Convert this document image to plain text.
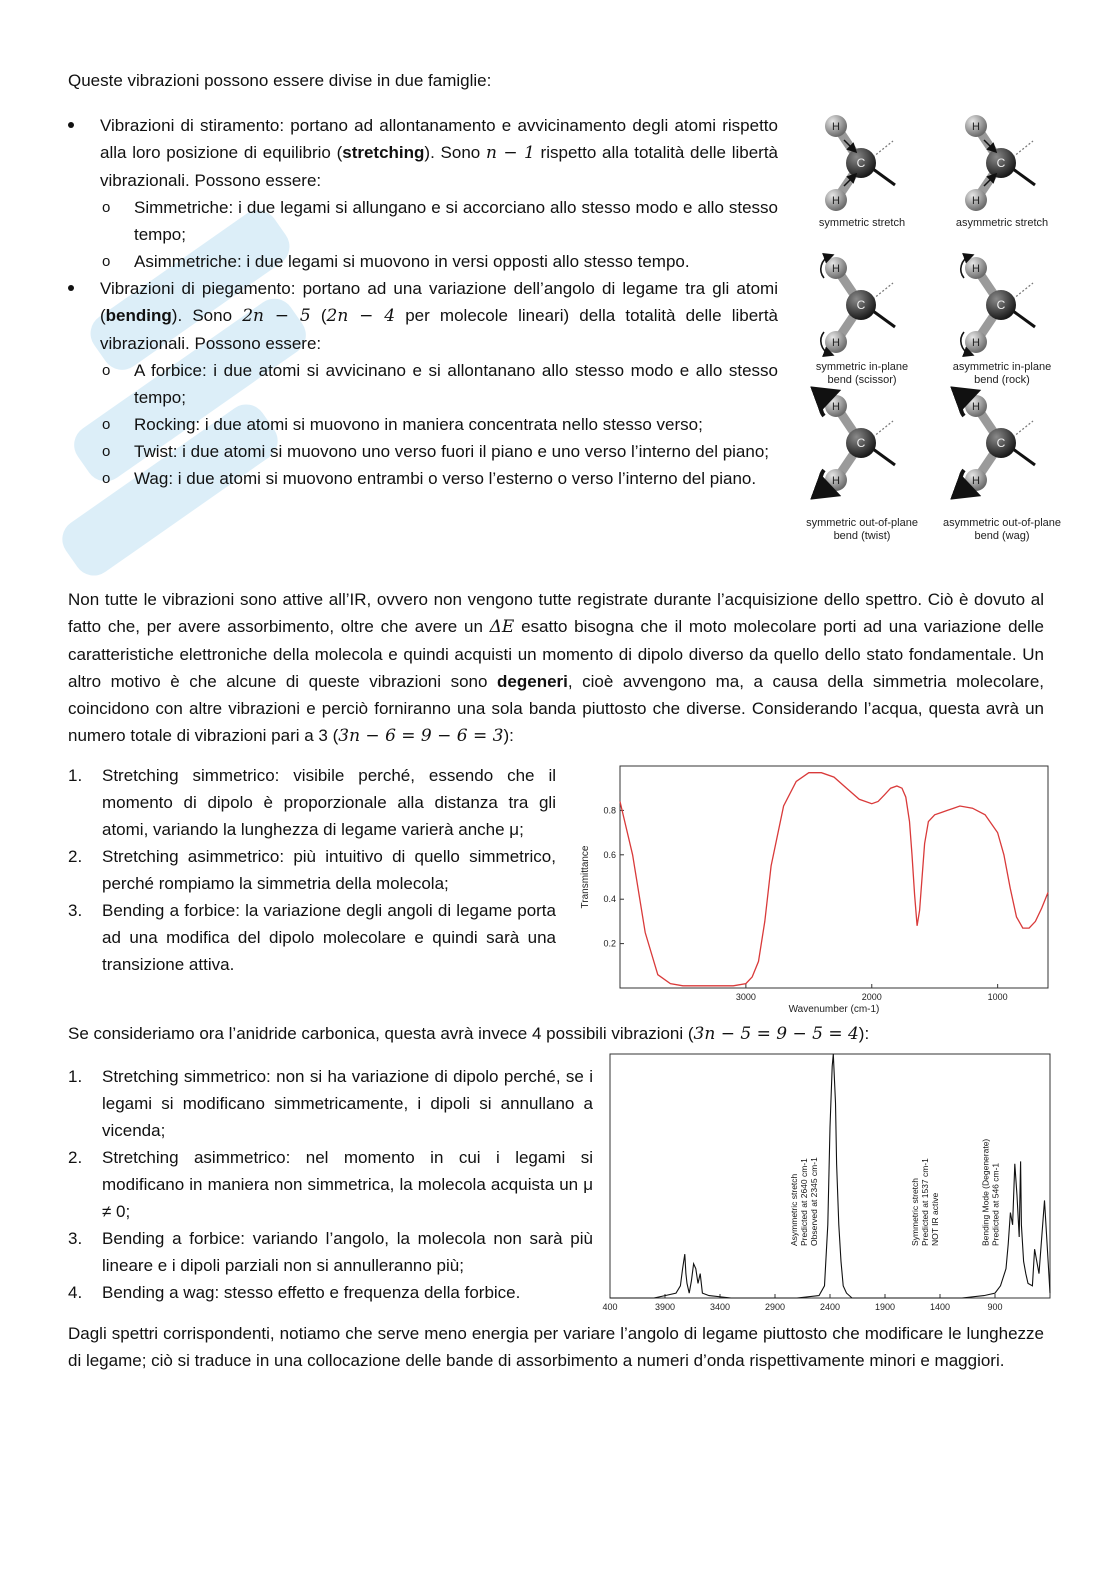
Queste vibrazioni possono essere divise in due famiglie:

Vibrazioni di stiramento: portano ad allontanamento e avvicinamento degli atomi rispetto alla loro posizione di equilibrio (stretching). Sono n − 1 rispetto alla totalità delle libertà vibrazionali. Possono essere:
o Simmetriche: i due legami si allungano e si accorciano allo stesso modo e allo stesso tempo;
o Asimmetriche: i due legami si muovono in versi opposti allo stesso tempo.
Vibrazioni di piegamento: portano ad una variazione dell’angolo di legame tra gli atomi (bending). Sono 2n − 5 (2n − 4 per molecole lineari) della totalità delle libertà vibrazionali. Possono essere:
o A forbice: i due atomi si avvicinano e si allontanano allo stesso modo e allo stesso tempo;
o Rocking: i due atomi si muovono in maniera concentrata nello stesso verso;
o Twist: i due atomi si muovono uno verso fuori il piano e uno verso l’interno del piano;
o Wag: i due atomi si muovono entrambi o verso l’esterno o verso l’interno del piano.
H
H
C
symmetric stretch
H
H
C
asymmetric stretch
H
H
C
symmetric in-plane
bend (scissor)
H
H
C
asymmetric in-plane
bend (rock)
H
H
C
symmetric out-of-plane
bend (twist)
H
H
C
asymmetric out-of-plane
bend (wag)

Non tutte le vibrazioni sono attive all’IR, ovvero non vengono tutte registrate durante l’acquisizione dello spettro. Ciò è dovuto al fatto che, per avere assorbimento, oltre che avere un ΔE esatto bisogna che il moto molecolare porti ad una variazione delle caratteristiche elettroniche della molecola e quindi acquisti un momento di dipolo diverso da quello dello stato fondamentale. Un altro motivo è che alcune di queste vibrazioni sono degeneri, cioè avvengono ma, a causa della simmetria molecolare, coincidono con altre vibrazioni e perciò forniranno una sola banda piuttosto che diverse. Considerando l’acqua, questa avrà un numero totale di vibrazioni pari a 3 (3n − 6 = 9 − 6 = 3):

1. Stretching simmetrico: visibile perché, essendo che il momento di dipolo è proporzionale alla distanza tra gli atomi, variando la lunghezza di legame varierà anche μ;
2. Stretching asimmetrico: più intuitivo di quello simmetrico, perché rompiamo la simmetria della molecola;
3. Bending a forbice: la variazione degli angoli di legame porta ad una modifica del dipolo molecolare e quindi sarà una transizione attiva.
3000	2000	1000
0.2
0.4
0.6
0.8
Wavenumber (cm-1)
Transmittance

Se consideriamo ora l’anidride carbonica, questa avrà invece 4 possibili vibrazioni (3n − 5 = 9 − 5 = 4):

1. Stretching simmetrico: non si ha variazione di dipolo perché, se i legami si modificano simmetricamente, i dipoli si annullano a vicenda;
2. Stretching asimmetrico: nel momento in cui i legami si modificano in maniera non simmetrica, la molecola acquista un μ ≠ 0;
3. Bending a forbice: variando l’angolo, la molecola non sarà più lineare e i dipoli parziali non si annulleranno più;
4. Bending a wag: stesso effetto e frequenza della forbice.
400	3900	3400	2900	2400	1900	1400	900
Asymmetric stretch Predicted at 2640 cm-1 Observed at 2345 cm-1	Symmetric stretch Predicted at 1537 cm-1 NOT IR active	Bending Mode (Degenerate) Predicted at 546 cm-1

Dagli spettri corrispondenti, notiamo che serve meno energia per variare l’angolo di legame piuttosto che modificare le lunghezze di legame; ciò si traduce in una collocazione delle bande di assorbimento a numeri d’onda rispettivamente minori e maggiori.
